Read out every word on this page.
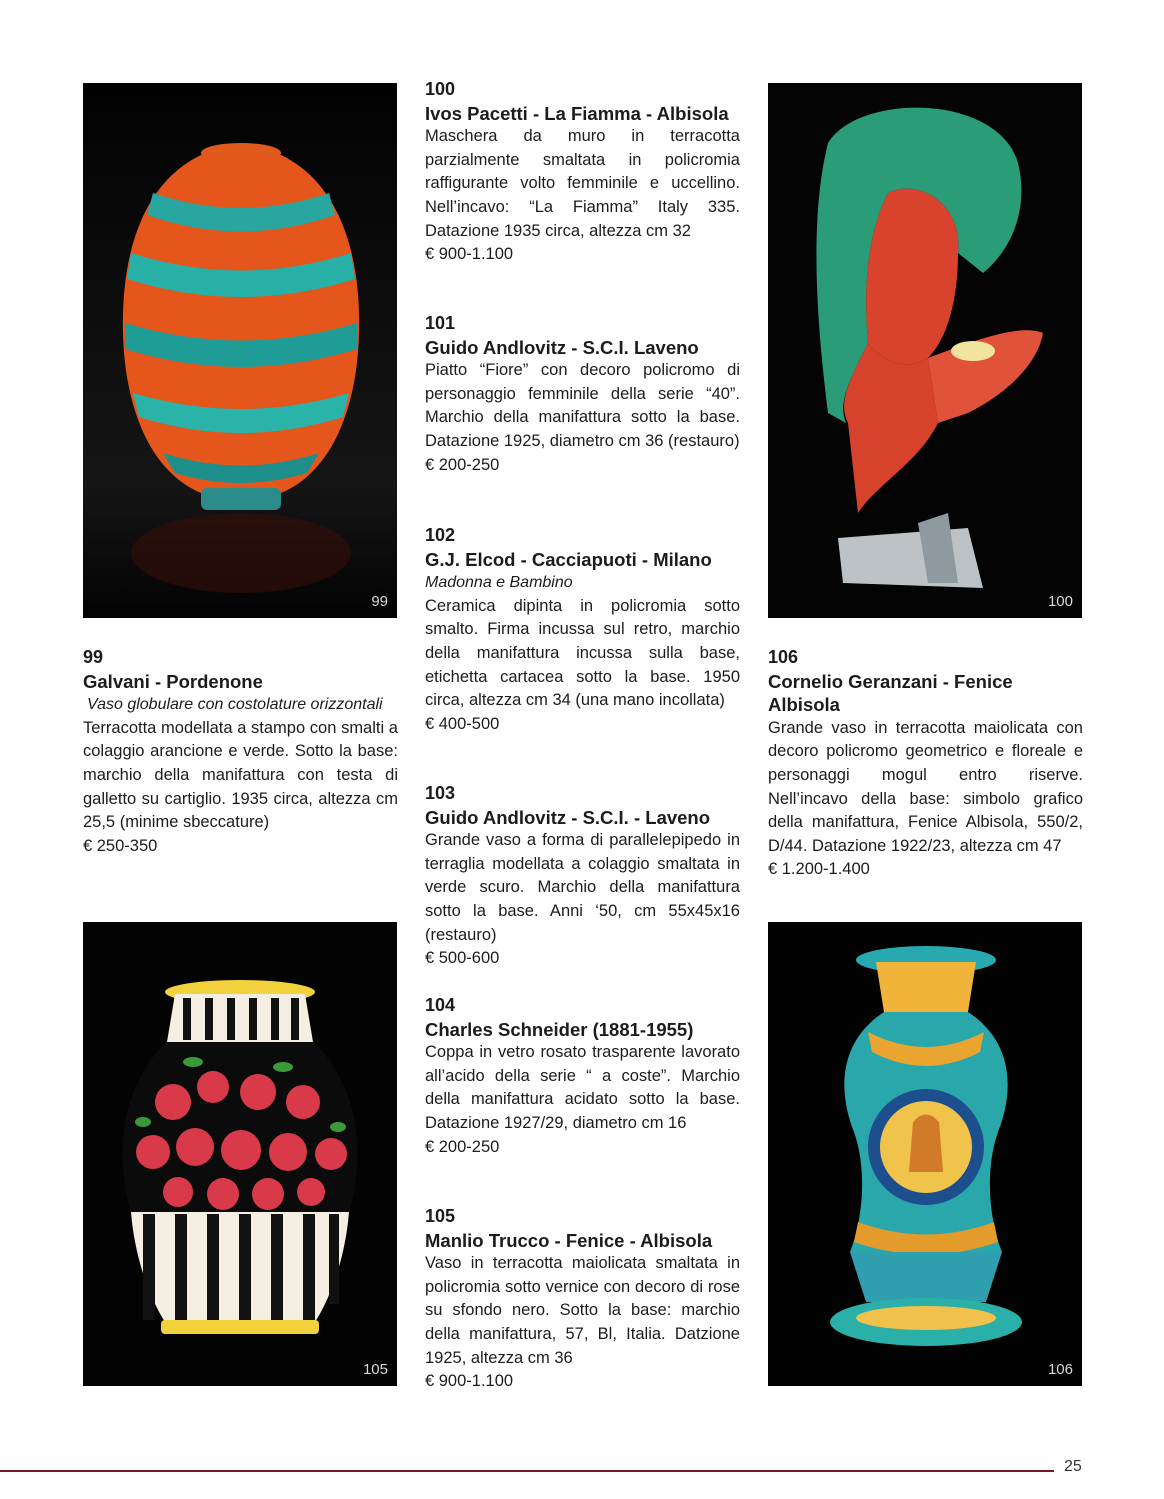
99	100
105	106
99
Galvani - Pordenone
Vaso globulare con costolature orizzontali
Terracotta modellata a stampo con smalti a colaggio arancione e verde. Sotto la base: marchio della manifattura con testa di galletto su cartiglio. 1935 circa, altezza cm 25,5 (minime sbeccature)
€ 250-350
100
Ivos Pacetti - La Fiamma - Albisola
Maschera da muro in terracotta parzialmente smaltata in policromia raffigurante volto femminile e uccellino. Nell’incavo: “La Fiamma” Italy 335. Datazione 1935 circa, altezza cm 32
€ 900-1.100
101
Guido Andlovitz - S.C.I. Laveno
Piatto “Fiore” con decoro policromo di personaggio femminile della serie “40”. Marchio della manifattura sotto la base. Datazione 1925, diametro cm 36 (restauro)
€ 200-250
102
G.J. Elcod - Cacciapuoti - Milano
Madonna e Bambino
Ceramica dipinta in policromia sotto smalto. Firma incussa sul retro, marchio della manifattura incussa sulla base, etichetta cartacea sotto la base. 1950 circa, altezza cm 34 (una mano incollata)
€ 400-500
103
Guido Andlovitz - S.C.I. - Laveno
Grande vaso a forma di parallelepipedo in terraglia modellata a colaggio smaltata in verde scuro. Marchio della manifattura sotto la base. Anni ‘50, cm 55x45x16 (restauro)
€ 500-600
104
Charles Schneider (1881-1955)
Coppa in vetro rosato trasparente lavorato all’acido della serie “ a coste”. Marchio della manifattura acidato sotto la base. Datazione 1927/29, diametro cm 16
€ 200-250
105
Manlio Trucco - Fenice - Albisola
Vaso in terracotta maiolicata smaltata in policromia sotto vernice con decoro di rose su sfondo nero. Sotto la base: marchio della manifattura, 57, Bl, Italia. Datzione 1925, altezza cm 36
€ 900-1.100
106
Cornelio Geranzani - Fenice Albisola
Grande vaso in terracotta maiolicata con decoro policromo geometrico e floreale e personaggi mogul entro riserve. Nell’incavo della base: simbolo grafico della manifattura, Fenice Albisola, 550/2, D/44. Datazione 1922/23, altezza cm 47
€ 1.200-1.400
25
